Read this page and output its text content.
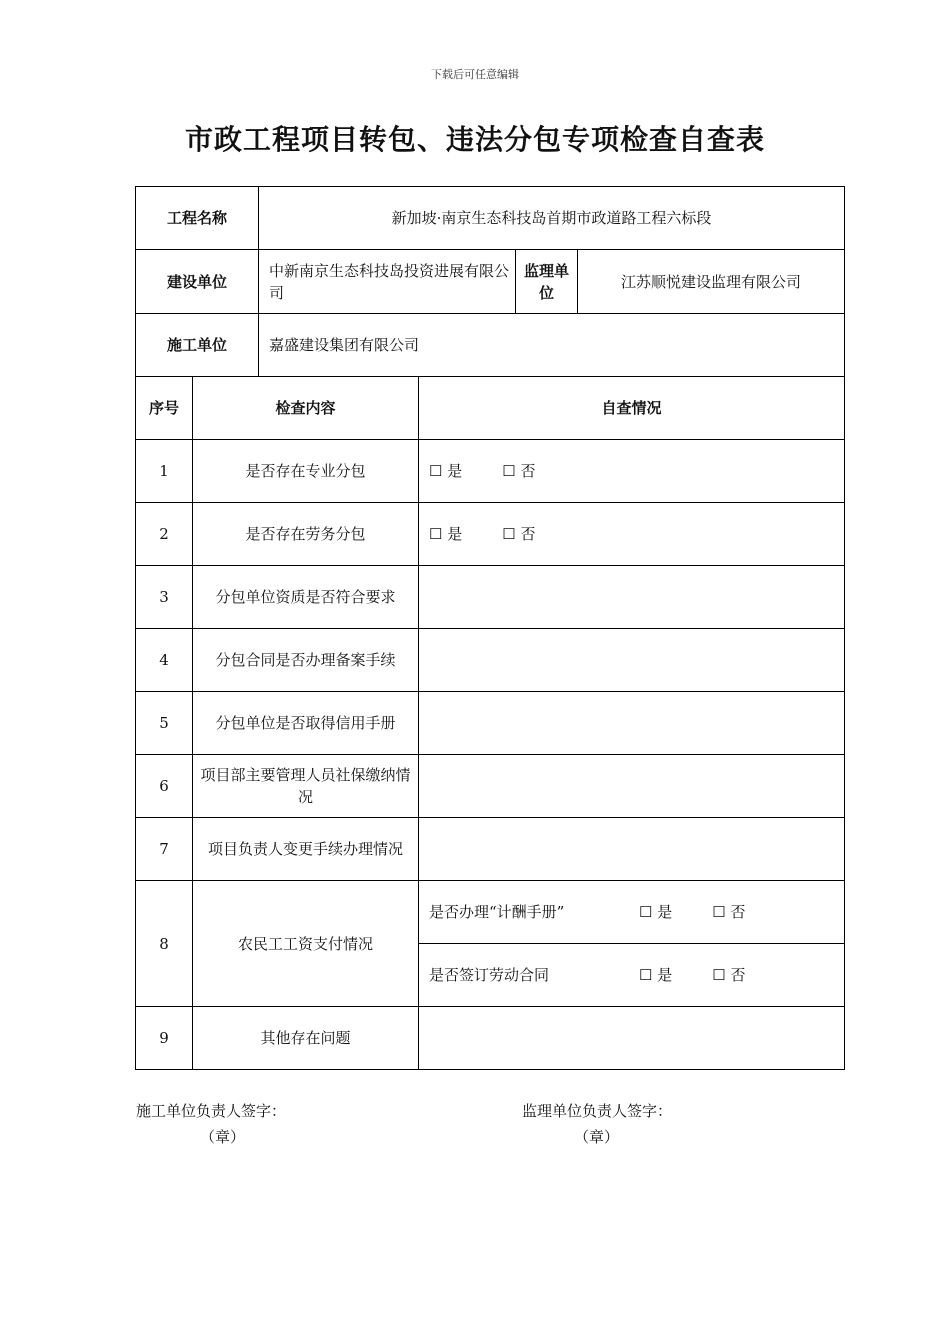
下载后可任意编辑
市政工程项目转包、违法分包专项检查自查表
工程名称		新加坡·南京生态科技岛首期市政道路工程六标段			
建设单位		中新南京生态科技岛投资进展有限公司		监理单位	江苏顺悦建设监理有限公司
施工单位		嘉盛建设集团有限公司			
序号	检查内容		自查情况		
1	是否存在专业分包		☐ 是 ☐ 否		
2	是否存在劳务分包		☐ 是 ☐ 否		
3	分包单位资质是否符合要求				
4	分包合同是否办理备案手续				
5	分包单位是否取得信用手册				
6	项目部主要管理人员社保缴纳情况				
7	项目负责人变更手续办理情况				
8	农民工工资支付情况		是否办理“计酬手册” ☐ 是 ☐ 否		
			是否签订劳动合同 ☐ 是 ☐ 否		
9	其他存在问题				
施工单位负责人签字：
（章）
监理单位负责人签字：
（章）
